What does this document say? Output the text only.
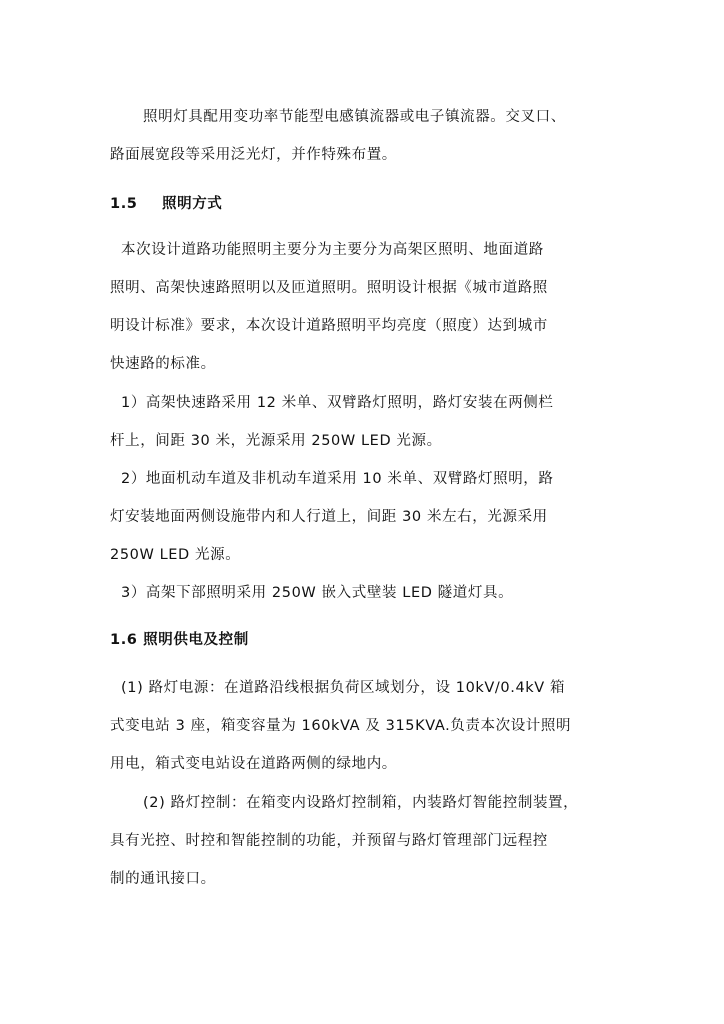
照明灯具配用变功率节能型电感镇流器或电子镇流器。交叉口、
路面展宽段等采用泛光灯，并作特殊布置。
1.5 照明方式
本次设计道路功能照明主要分为主要分为高架区照明、地面道路
照明、高架快速路照明以及匝道照明。照明设计根据《城市道路照
明设计标准》要求，本次设计道路照明平均亮度（照度）达到城市
快速路的标准。
1）高架快速路采用 12 米单、双臂路灯照明，路灯安装在两侧栏
杆上，间距 30 米，光源采用 250W LED 光源。
2）地面机动车道及非机动车道采用 10 米单、双臂路灯照明，路
灯安装地面两侧设施带内和人行道上，间距 30 米左右，光源采用
250W LED 光源。
3）高架下部照明采用 250W 嵌入式壁装 LED 隧道灯具。
1.6 照明供电及控制
(1) 路灯电源：在道路沿线根据负荷区域划分，设 10kV/0.4kV 箱
式变电站 3 座，箱变容量为 160kVA 及 315KVA.负责本次设计照明
用电，箱式变电站设在道路两侧的绿地内。
(2) 路灯控制：在箱变内设路灯控制箱，内装路灯智能控制装置，
具有光控、时控和智能控制的功能，并预留与路灯管理部门远程控
制的通讯接口。
